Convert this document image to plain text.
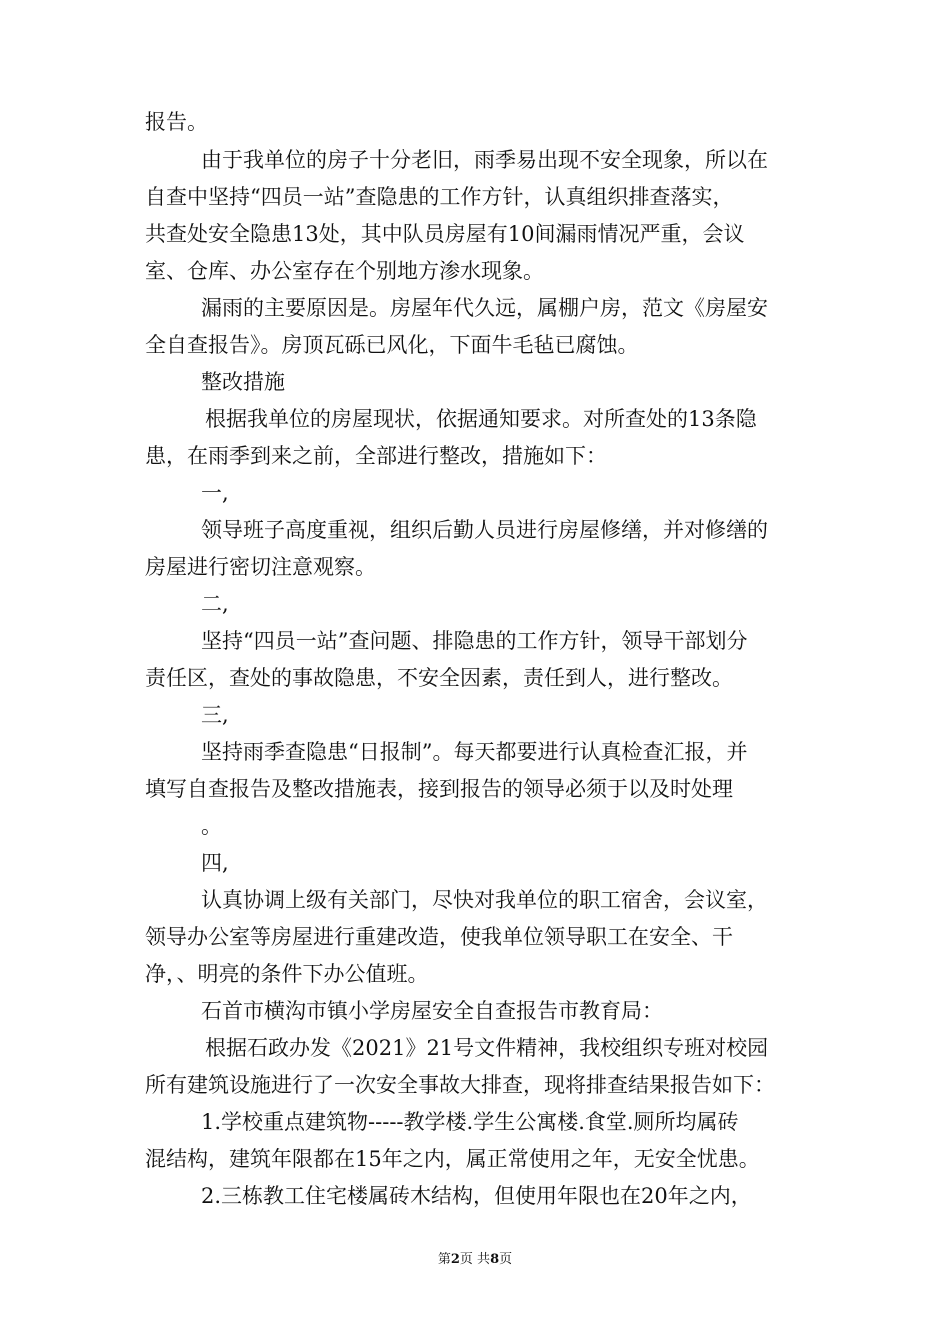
报告。
由于我单位的房子十分老旧，雨季易出现不安全现象，所以在
自查中坚持“四员一站”查隐患的工作方针，认真组织排查落实，
共查处安全隐患13处，其中队员房屋有10间漏雨情况严重，会议
室、仓库、办公室存在个别地方渗水现象。
漏雨的主要原因是。房屋年代久远，属棚户房，范文《房屋安
全自查报告》。房顶瓦砾已风化，下面牛毛毡已腐蚀。
整改措施
根据我单位的房屋现状，依据通知要求。对所查处的13条隐
患，在雨季到来之前，全部进行整改，措施如下：
一,
领导班子高度重视，组织后勤人员进行房屋修缮，并对修缮的
房屋进行密切注意观察。
二,
坚持“四员一站”查问题、排隐患的工作方针，领导干部划分
责任区，查处的事故隐患，不安全因素，责任到人，进行整改。
三,
坚持雨季查隐患“日报制”。每天都要进行认真检查汇报，并
填写自查报告及整改措施表，接到报告的领导必须于以及时处理
。
四,
认真协调上级有关部门，尽快对我单位的职工宿舍，会议室，
领导办公室等房屋进行重建改造，使我单位领导职工在安全、干
净，、明亮的条件下办公值班。
石首市横沟市镇小学房屋安全自查报告市教育局：
根据石政办发《2021》21号文件精神，我校组织专班对校园
所有建筑设施进行了一次安全事故大排查，现将排查结果报告如下：
1.学校重点建筑物-----教学楼.学生公寓楼.食堂.厕所均属砖
混结构，建筑年限都在15年之内，属正常使用之年，无安全忧患。
2.三栋教工住宅楼属砖木结构，但使用年限也在20年之内，
第2页 共8页
